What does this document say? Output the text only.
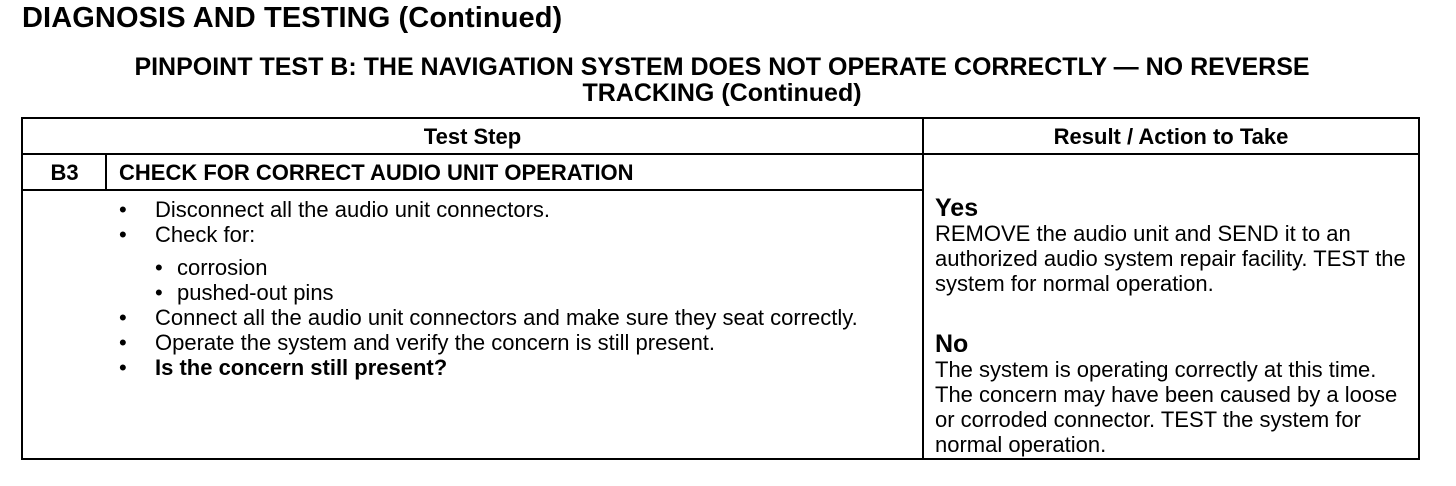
DIAGNOSIS AND TESTING (Continued)
PINPOINT TEST B: THE NAVIGATION SYSTEM DOES NOT OPERATE CORRECTLY — NO REVERSE
TRACKING (Continued)
Test Step	Result / Action to Take
B3	CHECK FOR CORRECT AUDIO UNIT OPERATION
• Disconnect all the audio unit connectors.
• Check for:
• corrosion
• pushed-out pins
• Connect all the audio unit connectors and make sure they seat correctly.
• Operate the system and verify the concern is still present.
• Is the concern still present?
Yes
REMOVE the audio unit and SEND it to an authorized audio system repair facility. TEST the system for normal operation.
No
The system is operating correctly at this time. The concern may have been caused by a loose or corroded connector. TEST the system for normal operation.
